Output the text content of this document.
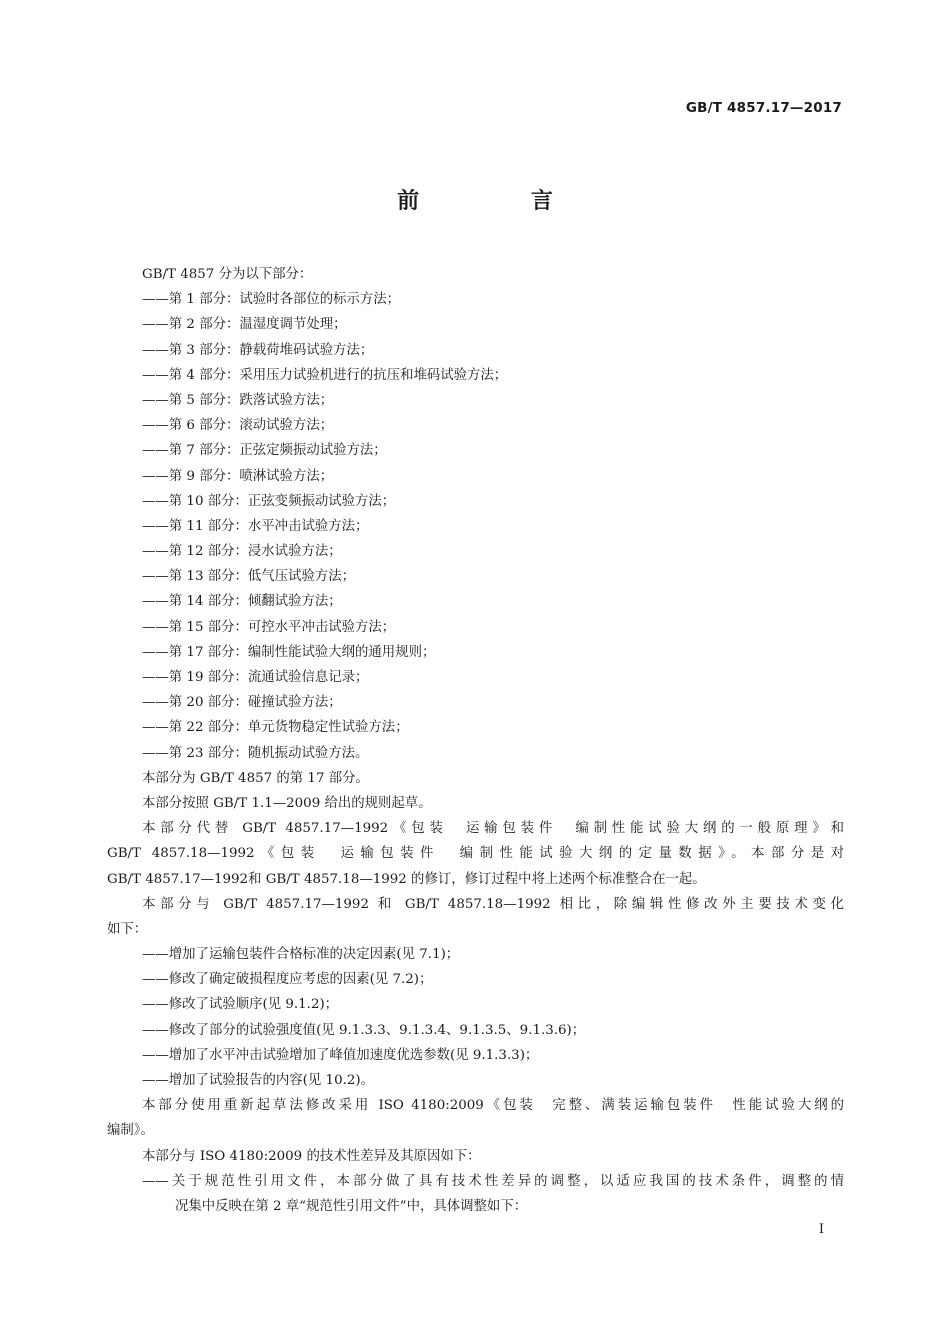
GB/T 4857.17—2017
前 言
GB/T 4857 分为以下部分：
——第 1 部分：试验时各部位的标示方法；
——第 2 部分：温湿度调节处理；
——第 3 部分：静载荷堆码试验方法；
——第 4 部分：采用压力试验机进行的抗压和堆码试验方法；
——第 5 部分：跌落试验方法；
——第 6 部分：滚动试验方法；
——第 7 部分：正弦定频振动试验方法；
——第 9 部分：喷淋试验方法；
——第 10 部分：正弦变频振动试验方法；
——第 11 部分：水平冲击试验方法；
——第 12 部分：浸水试验方法；
——第 13 部分：低气压试验方法；
——第 14 部分：倾翻试验方法；
——第 15 部分：可控水平冲击试验方法；
——第 17 部分：编制性能试验大纲的通用规则；
——第 19 部分：流通试验信息记录；
——第 20 部分：碰撞试验方法；
——第 22 部分：单元货物稳定性试验方法；
——第 23 部分：随机振动试验方法。
本部分为 GB/T 4857 的第 17 部分。
本部分按照 GB/T 1.1—2009 给出的规则起草。
本部分代替 GB/T 4857.17—1992《包装　运输包装件　编制性能试验大纲的一般原理》和
GB/T 4857.18—1992《包装　运输包装件　编制性能试验大纲的定量数据》。本部分是对
GB/T 4857.17—1992和 GB/T 4857.18—1992 的修订，修订过程中将上述两个标准整合在一起。
本部分与 GB/T 4857.17—1992 和 GB/T 4857.18—1992 相比，除编辑性修改外主要技术变化
如下：
——增加了运输包装件合格标准的决定因素(见 7.1)；
——修改了确定破损程度应考虑的因素(见 7.2)；
——修改了试验顺序(见 9.1.2)；
——修改了部分的试验强度值(见 9.1.3.3、9.1.3.4、9.1.3.5、9.1.3.6)；
——增加了水平冲击试验增加了峰值加速度优选参数(见 9.1.3.3)；
——增加了试验报告的内容(见 10.2)。
本部分使用重新起草法修改采用 ISO 4180:2009《包装　完整、满装运输包装件　性能试验大纲的
编制》。
本部分与 ISO 4180:2009 的技术性差异及其原因如下：
——关于规范性引用文件，本部分做了具有技术性差异的调整，以适应我国的技术条件，调整的情
况集中反映在第 2 章“规范性引用文件”中，具体调整如下：
I
